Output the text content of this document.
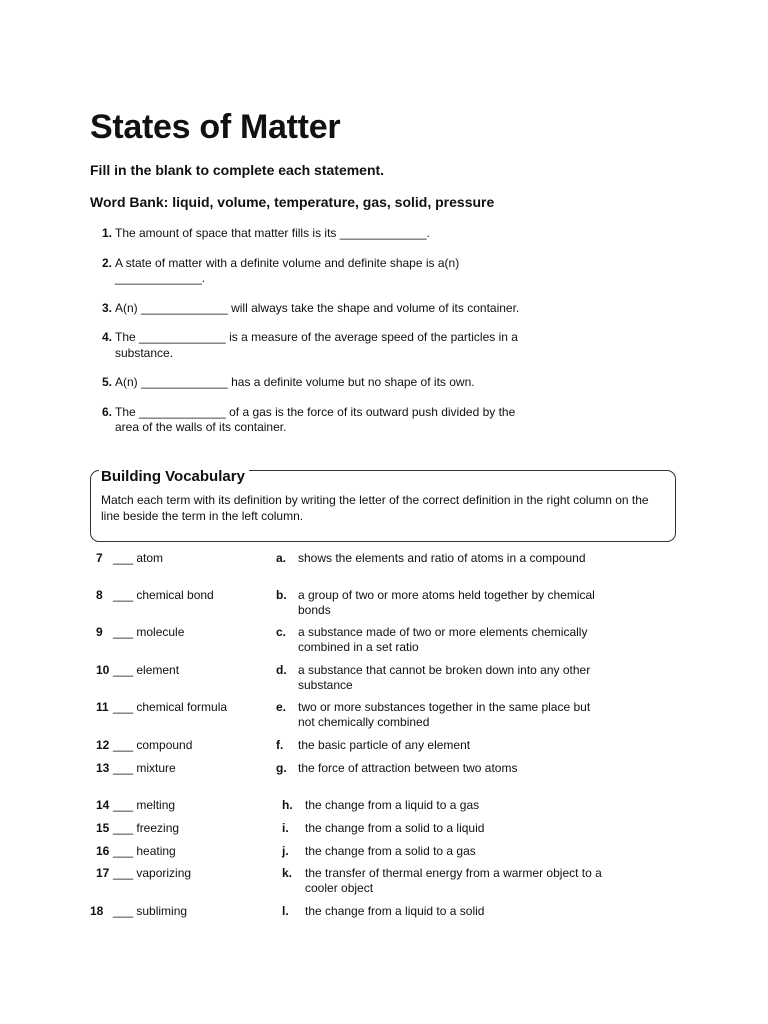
States of Matter
Fill in the blank to complete each statement.
Word Bank: liquid, volume, temperature, gas, solid, pressure
1. The amount of space that matter fills is its _____________.
2. A state of matter with a definite volume and definite shape is a(n) _____________.
3. A(n) _____________ will always take the shape and volume of its container.
4. The _____________ is a measure of the average speed of the particles in a substance.
5. A(n) _____________ has a definite volume but no shape of its own.
6. The _____________ of a gas is the force of its outward push divided by the area of the walls of its container.
Building Vocabulary
Match each term with its definition by writing the letter of the correct definition in the right column on the line beside the term in the left column.
7 ___ atom	a. shows the elements and ratio of atoms in a compound
8 ___ chemical bond	b. a group of two or more atoms held together by chemical bonds
9 ___ molecule	c. a substance made of two or more elements chemically combined in a set ratio
10 ___ element	d. a substance that cannot be broken down into any other substance
11 ___ chemical formula	e. two or more substances together in the same place but not chemically combined
12 ___ compound	f. the basic particle of any element
13 ___ mixture	g. the force of attraction between two atoms
14 ___ melting	h. the change from a liquid to a gas
15 ___ freezing	i. the change from a solid to a liquid
16 ___ heating	j. the change from a solid to a gas
17 ___ vaporizing	k. the transfer of thermal energy from a warmer object to a cooler object
18 ___ subliming	l. the change from a liquid to a solid
